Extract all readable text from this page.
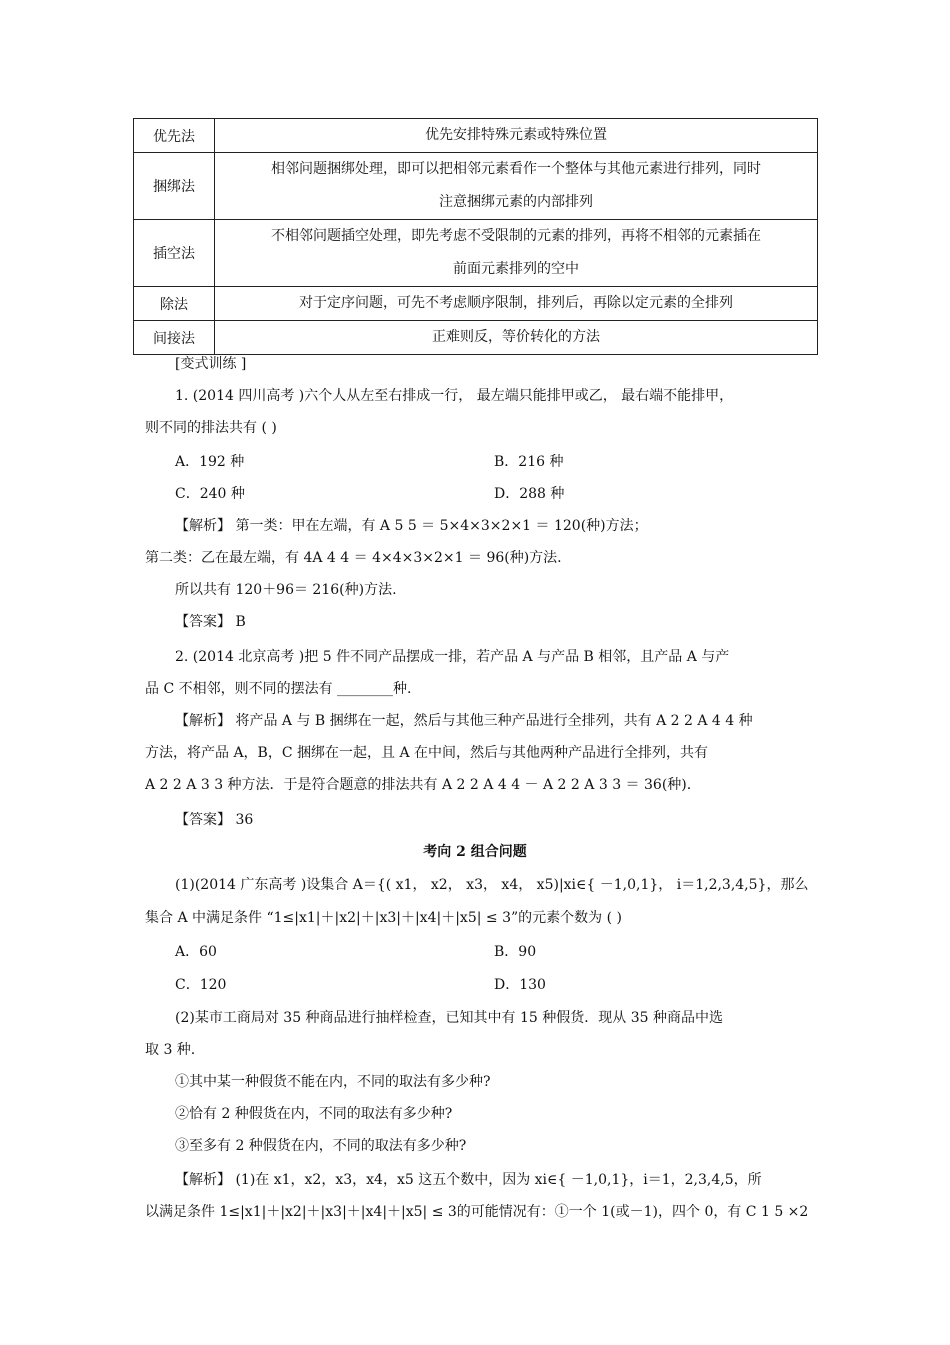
优先法	优先安排特殊元素或特殊位置

捆绑法	相邻问题捆绑处理，即可以把相邻元素看作一个整体与其他元素进行排列，同时
注意捆绑元素的内部排列

插空法	不相邻问题插空处理，即先考虑不受限制的元素的排列，再将不相邻的元素插在
前面元素排列的空中

除法	对于定序问题，可先不考虑顺序限制，排列后，再除以定元素的全排列

间接法	正难则反，等价转化的方法
[变式训练 ]
1. (2014 四川高考 )六个人从左至右排成一行， 最左端只能排甲或乙， 最右端不能排甲，
则不同的排法共有 ( )
A．192 种	B．216 种
C．240 种	D．288 种
【解析】 第一类：甲在左端，有 A 5 5 ＝ 5×4×3×2×1 ＝ 120(种)方法；
第二类：乙在最左端，有 4A 4 4 ＝ 4×4×3×2×1 ＝ 96(种)方法.
所以共有 120＋96＝ 216(种)方法.
【答案】 B
2. (2014 北京高考 )把 5 件不同产品摆成一排，若产品 A 与产品 B 相邻，且产品 A 与产
品 C 不相邻，则不同的摆法有 ________种.
【解析】 将产品 A 与 B 捆绑在一起，然后与其他三种产品进行全排列，共有 A 2 2 A 4 4 种
方法，将产品 A，B，C 捆绑在一起，且 A 在中间，然后与其他两种产品进行全排列，共有
A 2 2 A 3 3 种方法．于是符合题意的排法共有 A 2 2 A 4 4 － A 2 2 A 3 3 ＝ 36(种).
【答案】 36
考向 2 组合问题
(1)(2014 广东高考 )设集合 A＝{( x1， x2， x3， x4， x5)|xi∈{ －1,0,1}， i＝1,2,3,4,5}，那么
集合 A 中满足条件 “1≤|x1|＋|x2|＋|x3|＋|x4|＋|x5| ≤ 3”的元素个数为 ( )
A．60	B．90
C．120	D．130
(2)某市工商局对 35 种商品进行抽样检查，已知其中有 15 种假货．现从 35 种商品中选
取 3 种.
①其中某一种假货不能在内，不同的取法有多少种?
②恰有 2 种假货在内，不同的取法有多少种?
③至多有 2 种假货在内，不同的取法有多少种?
【解析】 (1)在 x1，x2，x3，x4，x5 这五个数中，因为 xi∈{ －1,0,1}，i＝1，2,3,4,5，所
以满足条件 1≤|x1|＋|x2|＋|x3|＋|x4|＋|x5| ≤ 3的可能情况有：①一个 1(或－1)，四个 0，有 C 1 5 ×2
